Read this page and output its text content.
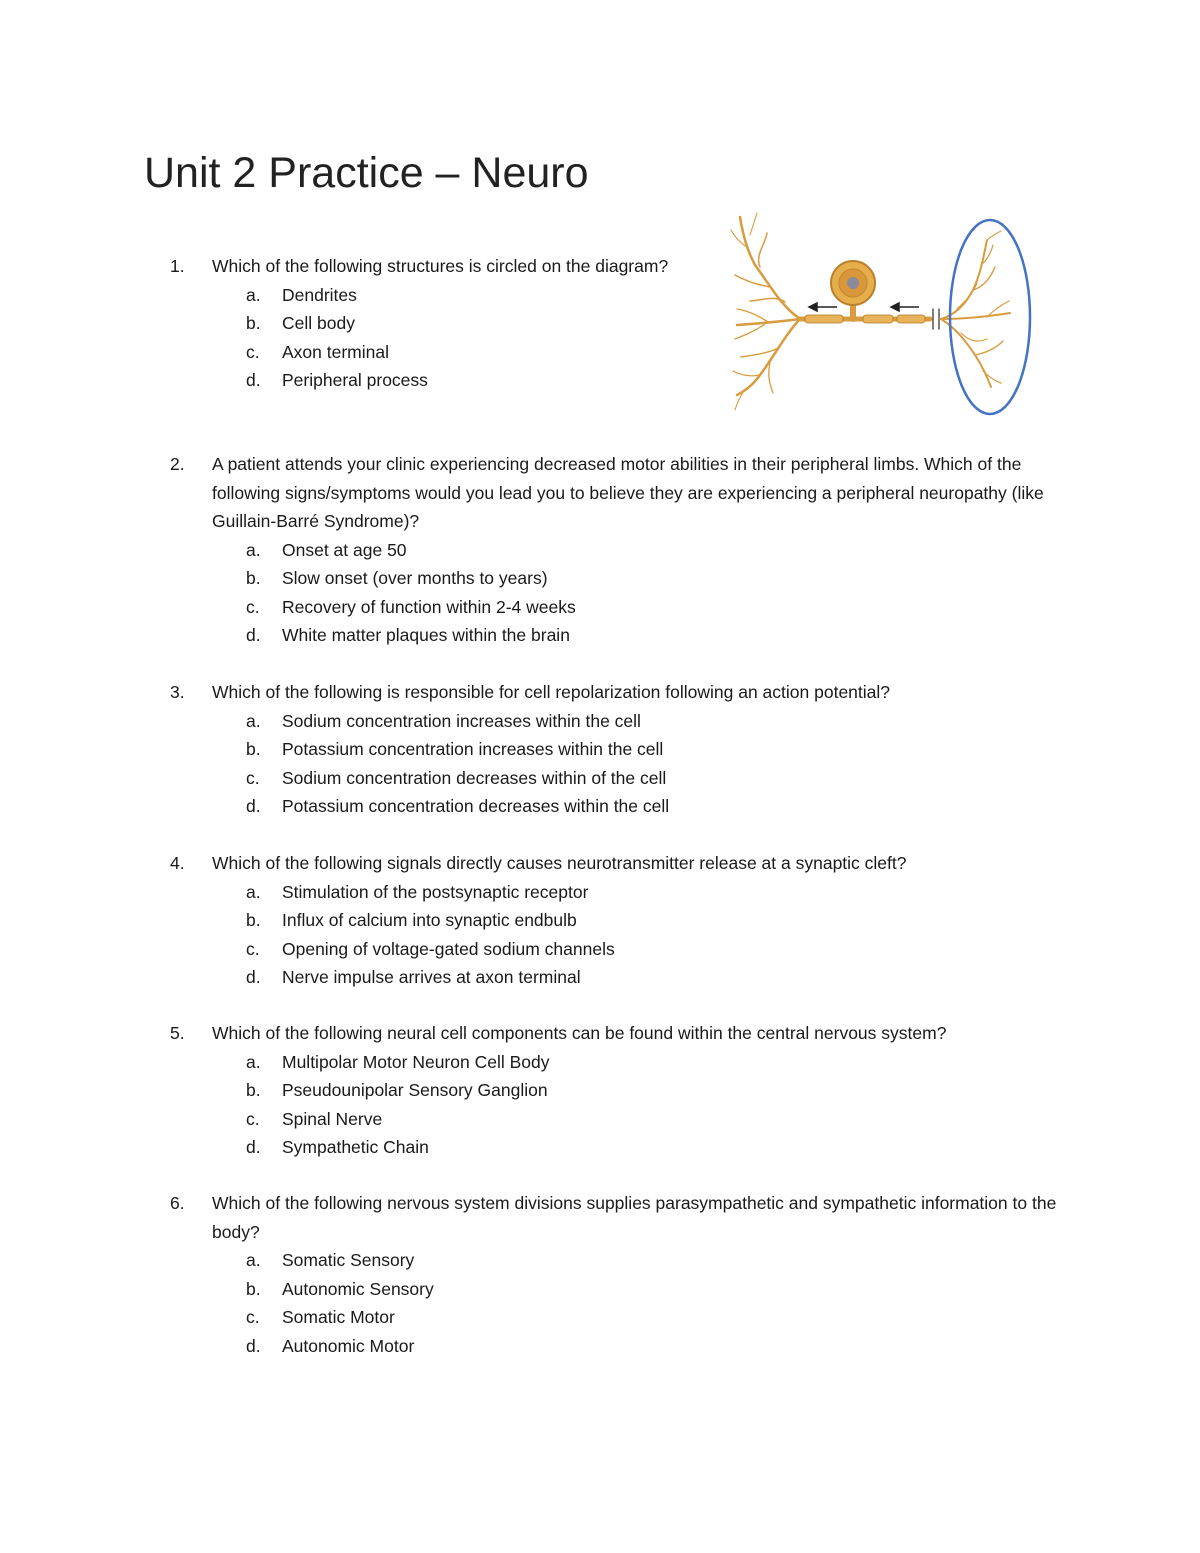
Unit 2 Practice – Neuro
1.	Which of the following structures is circled on the diagram?
a.	Dendrites
b.	Cell body
c.	Axon terminal
d.	Peripheral process
2.	A patient attends your clinic experiencing decreased motor abilities in their peripheral limbs. Which of the following signs/symptoms would you lead you to believe they are experiencing a peripheral neuropathy (like Guillain-Barré Syndrome)?
a.	Onset at age 50
b.	Slow onset (over months to years)
c.	Recovery of function within 2-4 weeks
d.	White matter plaques within the brain
3.	Which of the following is responsible for cell repolarization following an action potential?
a.	Sodium concentration increases within the cell
b.	Potassium concentration increases within the cell
c.	Sodium concentration decreases within of the cell
d.	Potassium concentration decreases within the cell
4.	Which of the following signals directly causes neurotransmitter release at a synaptic cleft?
a.	Stimulation of the postsynaptic receptor
b.	Influx of calcium into synaptic endbulb
c.	Opening of voltage-gated sodium channels
d.	Nerve impulse arrives at axon terminal
5.	Which of the following neural cell components can be found within the central nervous system?
a.	Multipolar Motor Neuron Cell Body
b.	Pseudounipolar Sensory Ganglion
c.	Spinal Nerve
d.	Sympathetic Chain
6.	Which of the following nervous system divisions supplies parasympathetic and sympathetic information to the body?
a.	Somatic Sensory
b.	Autonomic Sensory
c.	Somatic Motor
d.	Autonomic Motor
